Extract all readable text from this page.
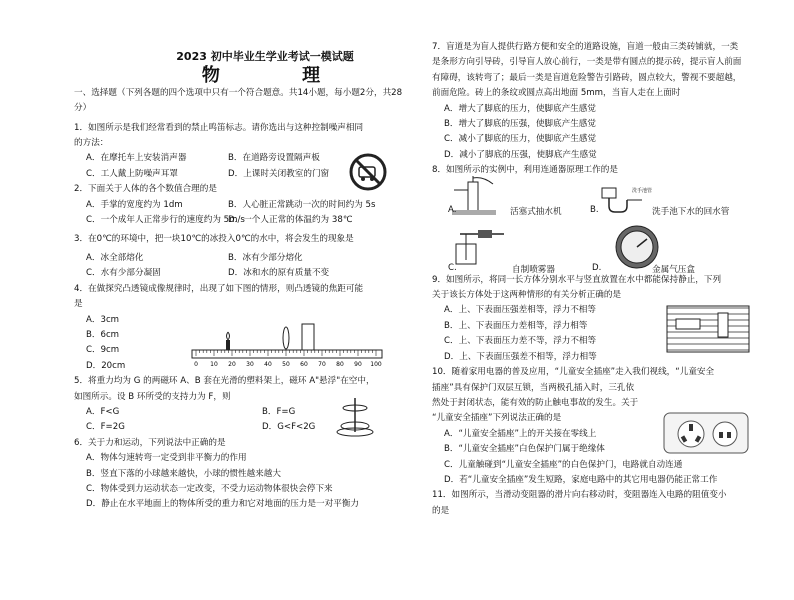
2023 初中毕业生学业考试一模试题
物 理
一、选择题（下列各题的四个选项中只有一个符合题意。共14小题，每小题2分，共28分）
1．如图所示是我们经常看到的禁止鸣笛标志。请你选出与这种控制噪声相同
的方法：
A．在摩托车上安装消声器	B．在道路旁设置隔声板
C．工人戴上防噪声耳罩	D．上课时关闭教室的门窗
2．下面关于人体的各个数值合理的是
A．手掌的宽度约为 1dm	B．人心脏正常跳动一次的时间约为 5s
C．一个成年人正常步行的速度约为 5m/s
D．一个人正常的体温约为 38℃
3．在0℃的环境中，把一块10℃的冰投入0℃的水中，将会发生的现象是
A．冰全部熔化	B．冰有少部分熔化
C．水有少部分凝固	D．冰和水的原有质量不变
4．在做探究凸透镜成像规律时，出现了如下图的情形，则凸透镜的焦距可能
是
A．3cm
B．6cm
C．9cm
D．20cm
5．将重力均为 G 的两磁环 A、B 套在光滑的塑料架上，磁环 A"悬浮"在空中，
如图所示。设 B 环所受的支持力为 F，则
A．F<G	B．F=G
C．F=2G	D．G<F<2G
6．关于力和运动，下列说法中正确的是
A．物体匀速转弯一定受到非平衡力的作用
B．竖直下落的小球越来越快，小球的惯性越来越大
C．物体受到力运动状态一定改变，不受力运动物体很快会停下来
D．静止在水平地面上的物体所受的重力和它对地面的压力是一对平衡力
0 10 20 30 40 50 60 70 80 90 100
7．盲道是为盲人提供行路方便和安全的道路设施，盲道一般由三类砖铺就，一类
是条形方向引导砖，引导盲人放心前行，一类是带有圆点的提示砖，提示盲人前面
有障碍，该转弯了；最后一类是盲道危险警告引路砖，圆点较大，警视不要超越，
前面危险。砖上的条纹或圆点高出地面 5mm，当盲人走在上面时
A．增大了脚底的压力，使脚底产生感觉
B．增大了脚底的压强，使脚底产生感觉
C．减小了脚底的压力，使脚底产生感觉
D．减小了脚底的压强，使脚底产生感觉
8．如图所示的实例中，利用连通器原理工作的是
9．如图所示，将同一长方体分别水平与竖直放置在水中都能保持静止，下列
关于该长方体处于这两种情形的有关分析正确的是
A．上、下表面压强差相等，浮力不相等
B．上、下表面压力差相等，浮力相等
C．上、下表面压力差不等，浮力不相等
D．上、下表面压强差不相等，浮力相等
10．随着家用电器的普及应用，“儿童安全插座”走入我们视线，“儿童安全
插座”具有保护门双层互锁，当两极孔插入时，三孔依
然处于封闭状态，能有效的防止触电事故的发生。关于
“儿童安全插座”下列说法正确的是
A．“儿童安全插座”上的开关接在零线上
B．“儿童安全插座”白色保护门属于绝缘体
C．儿童触碰到“儿童安全插座”的白色保护门，电路就自动连通
D．若“儿童安全插座”发生短路，家庭电路中的其它用电器仍能正常工作
11．如图所示，当滑动变阻器的滑片向右移动时，变阻器连入电路的阻值变小
的是
A.	活塞式抽水机
洗手池管
B.	洗手池下水的回水管
C.	自制喷雾器	D.	金属气压盒
